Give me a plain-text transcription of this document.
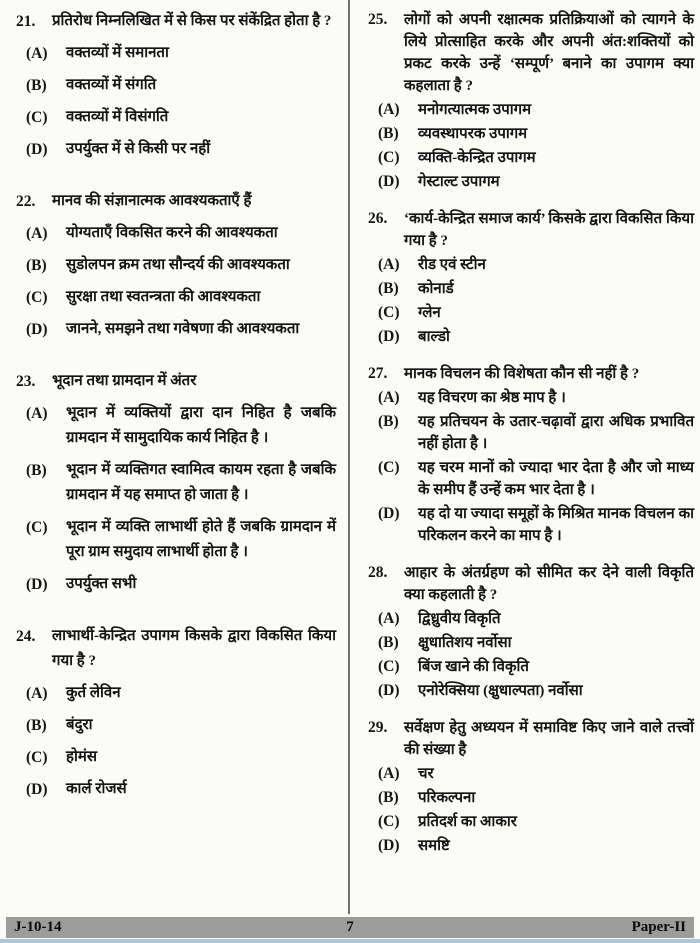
21.	प्रतिरोध निम्नलिखित में से किस पर संकेंद्रित होता है ?
(A)	वक्तव्यों में समानता
(B)	वक्तव्यों में संगति
(C)	वक्तव्यों में विसंगति
(D)	उपर्युक्त में से किसी पर नहीं
22.	मानव की संज्ञानात्मक आवश्यकताएँ हैं
(A)	योग्यताएँ विकसित करने की आवश्यकता
(B)	सुडोलपन क्रम तथा सौन्दर्य की आवश्यकता
(C)	सुरक्षा तथा स्वतन्त्रता की आवश्यकता
(D)	जानने, समझने तथा गवेषणा की आवश्यकता
23.	भूदान तथा ग्रामदान में अंतर
(A)	भूदान में व्यक्तियों द्वारा दान निहित है जबकि ग्रामदान में सामुदायिक कार्य निहित है ।
(B)	भूदान में व्यक्तिगत स्वामित्व कायम रहता है जबकि ग्रामदान में यह समाप्त हो जाता है ।
(C)	भूदान में व्यक्ति लाभार्थी होते हैं जबकि ग्रामदान में पूरा ग्राम समुदाय लाभार्थी होता है ।
(D)	उपर्युक्त सभी
24.	लाभार्थी-केन्द्रित उपागम किसके द्वारा विकसित किया गया है ?
(A)	कुर्त लेविन
(B)	बंदुरा
(C)	होमंस
(D)	कार्ल रोजर्स
25.	लोगों को अपनी रक्षात्मक प्रतिक्रियाओं को त्यागने के लिये प्रोत्साहित करके और अपनी अंत:शक्तियों को प्रकट करके उन्हें ‘सम्पूर्ण’ बनाने का उपागम क्या कहलाता है ?
(A)	मनोगत्यात्मक उपागम
(B)	व्यवस्थापरक उपागम
(C)	व्यक्ति-केन्द्रित उपागम
(D)	गेस्टाल्ट उपागम
26.	‘कार्य-केन्द्रित समाज कार्य’ किसके द्वारा विकसित किया गया है ?
(A)	रीड एवं स्टीन
(B)	कोनार्ड
(C)	ग्लेन
(D)	बाल्डो
27.	मानक विचलन की विशेषता कौन सी नहीं है ?
(A)	यह विचरण का श्रेष्ठ माप है ।
(B)	यह प्रतिचयन के उतार-चढ़ावों द्वारा अधिक प्रभावित नहीं होता है ।
(C)	यह चरम मानों को ज्यादा भार देता है और जो माध्य के समीप हैं उन्हें कम भार देता है ।
(D)	यह दो या ज्यादा समूहों के मिश्रित मानक विचलन का परिकलन करने का माप है ।
28.	आहार के अंतर्ग्रहण को सीमित कर देने वाली विकृति क्या कहलाती है ?
(A)	द्विध्रुवीय विकृति
(B)	क्षुधातिशय नर्वोसा
(C)	बिंज खाने की विकृति
(D)	एनोरेक्सिया (क्षुधाल्पता) नर्वोसा
29.	सर्वेक्षण हेतु अध्ययन में समाविष्ट किए जाने वाले तत्त्वों की संख्या है
(A)	चर
(B)	परिकल्पना
(C)	प्रतिदर्श का आकार
(D)	समष्टि
J-10-14	7	Paper-II
